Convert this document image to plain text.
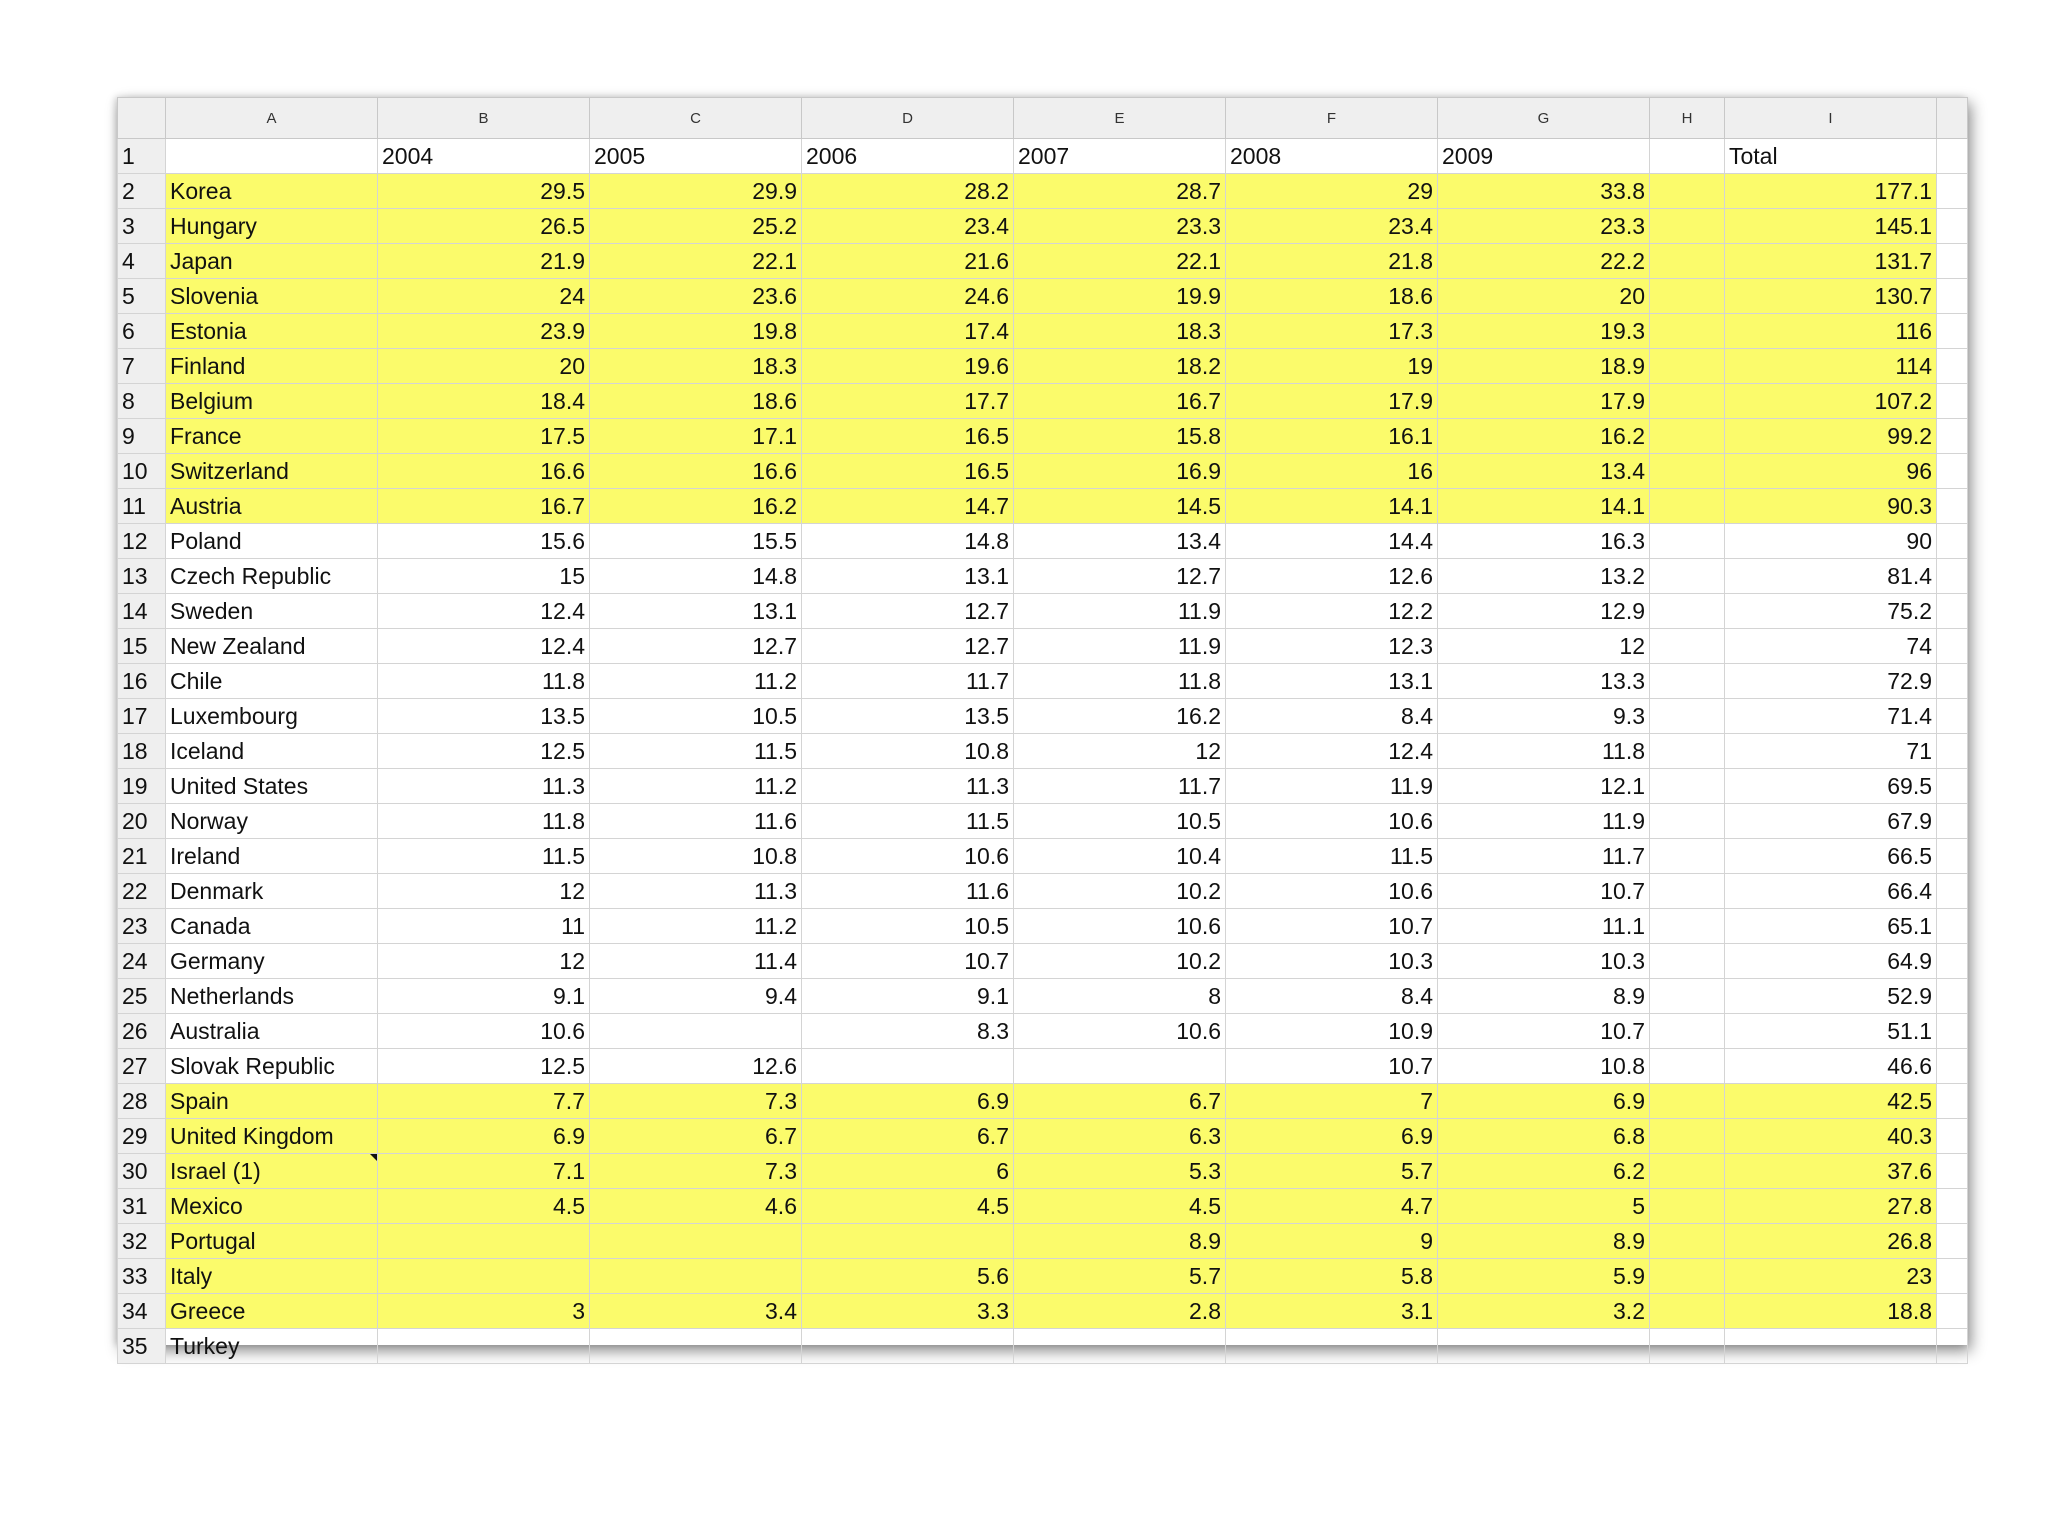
	A	B	C	D	E	F	G	H	I	
1		2004	2005	2006	2007	2008	2009		Total	
2	Korea	29.5	29.9	28.2	28.7	29	33.8		177.1	
3	Hungary	26.5	25.2	23.4	23.3	23.4	23.3		145.1	
4	Japan	21.9	22.1	21.6	22.1	21.8	22.2		131.7	
5	Slovenia	24	23.6	24.6	19.9	18.6	20		130.7	
6	Estonia	23.9	19.8	17.4	18.3	17.3	19.3		116	
7	Finland	20	18.3	19.6	18.2	19	18.9		114	
8	Belgium	18.4	18.6	17.7	16.7	17.9	17.9		107.2	
9	France	17.5	17.1	16.5	15.8	16.1	16.2		99.2	
10	Switzerland	16.6	16.6	16.5	16.9	16	13.4		96	
11	Austria	16.7	16.2	14.7	14.5	14.1	14.1		90.3	
12	Poland	15.6	15.5	14.8	13.4	14.4	16.3		90	
13	Czech Republic	15	14.8	13.1	12.7	12.6	13.2		81.4	
14	Sweden	12.4	13.1	12.7	11.9	12.2	12.9		75.2	
15	New Zealand	12.4	12.7	12.7	11.9	12.3	12		74	
16	Chile	11.8	11.2	11.7	11.8	13.1	13.3		72.9	
17	Luxembourg	13.5	10.5	13.5	16.2	8.4	9.3		71.4	
18	Iceland	12.5	11.5	10.8	12	12.4	11.8		71	
19	United States	11.3	11.2	11.3	11.7	11.9	12.1		69.5	
20	Norway	11.8	11.6	11.5	10.5	10.6	11.9		67.9	
21	Ireland	11.5	10.8	10.6	10.4	11.5	11.7		66.5	
22	Denmark	12	11.3	11.6	10.2	10.6	10.7		66.4	
23	Canada	11	11.2	10.5	10.6	10.7	11.1		65.1	
24	Germany	12	11.4	10.7	10.2	10.3	10.3		64.9	
25	Netherlands	9.1	9.4	9.1	8	8.4	8.9		52.9	
26	Australia	10.6		8.3	10.6	10.9	10.7		51.1	
27	Slovak Republic	12.5	12.6			10.7	10.8		46.6	
28	Spain	7.7	7.3	6.9	6.7	7	6.9		42.5	
29	United Kingdom	6.9	6.7	6.7	6.3	6.9	6.8		40.3	
30	Israel (1)	7.1	7.3	6	5.3	5.7	6.2		37.6	
31	Mexico	4.5	4.6	4.5	4.5	4.7	5		27.8	
32	Portugal				8.9	9	8.9		26.8	
33	Italy			5.6	5.7	5.8	5.9		23	
34	Greece	3	3.4	3.3	2.8	3.1	3.2		18.8	
35	Turkey									
